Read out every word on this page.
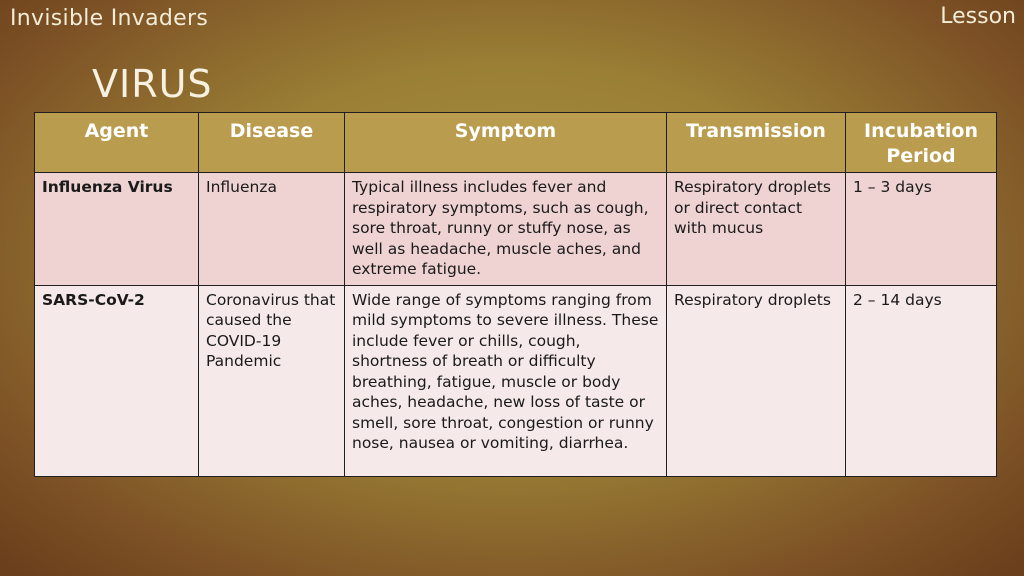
Invisible Invaders	Lesson
VIRUS
Agent	Disease	Symptom	Transmission	Incubation Period
Influenza Virus	Influenza	Typical illness includes fever and respiratory symptoms, such as cough, sore throat, runny or stuffy nose, as well as headache, muscle aches, and extreme fatigue.	Respiratory droplets or direct contact with mucus	1 – 3 days
SARS-CoV-2	Coronavirus that caused the COVID-19 Pandemic	Wide range of symptoms ranging from mild symptoms to severe illness. These include fever or chills, cough, shortness of breath or difficulty breathing, fatigue, muscle or body aches, headache, new loss of taste or smell, sore throat, congestion or runny nose, nausea or vomiting, diarrhea.	Respiratory droplets	2 – 14 days
